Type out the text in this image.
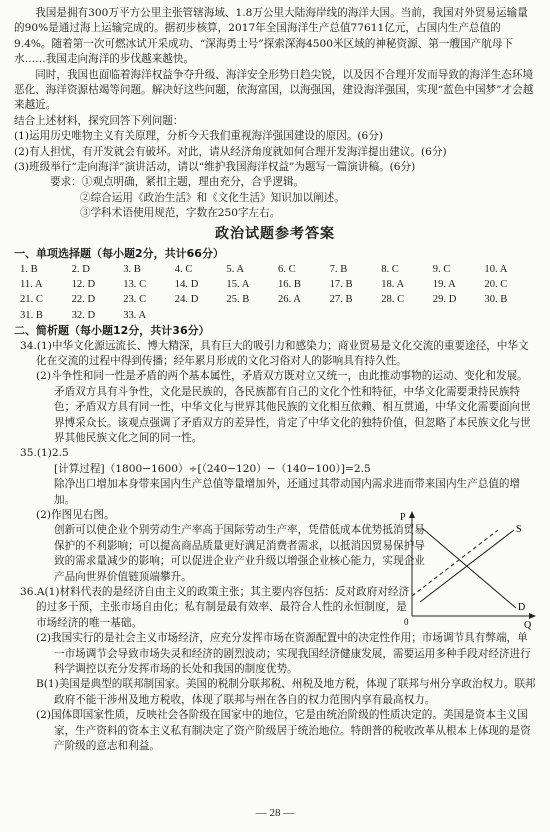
我国是拥有300万平方公里主张管辖海域、1.8万公里大陆海岸线的海洋大国。当前，我国对外贸易运输量的90%是通过海上运输完成的。据初步核算，2017年全国海洋生产总值77611亿元，占国内生产总值的9.4%。随着第一次可燃冰试开采成功、“深海勇士号”探索深海4500米区域的神秘资源、第一艘国产航母下水……我国走向海洋的步伐越来越快。

同时，我国也面临着海洋权益争夺升级、海洋安全形势日趋尖锐，以及因不合理开发而导致的海洋生态环境恶化、海洋资源枯竭等问题。解决好这些问题，依海富国，以海强国，建设海洋强国，实现“蓝色中国梦”才会越来越近。

结合上述材料，探究回答下列问题：

(1)运用历史唯物主义有关原理，分析今天我们重视海洋强国建设的原因。(6分)

(2)有人担忧，有开发就会有破坏。对此，请从经济角度就如何合理开发海洋提出建议。(6分)

(3)班级举行“走向海洋”演讲活动，请以“维护我国海洋权益”为题写一篇演讲稿。(6分)

要求：①观点明确，紧扣主题，理由充分，合乎逻辑。

②综合运用《政治生活》和《文化生活》知识加以阐述。

③学科术语使用规范，字数在250字左右。

政治试题参考答案

一、单项选择题（每小题2分，共计66分）

1. B	2. D	3. B	4. C	5. A	6. C	7. B	8. C	9. C	10. A
11. A	12. D	13. C	14. D	15. A	16. B	17. B	18. A	19. A	20. C
21. C	22. D	23. C	24. D	25. B	26. A	27. B	28. C	29. D	30. B
31. B	32. D	33. A

二、简析题（每小题12分，共计36分）

34.(1)中华文化源远流长、博大精深，具有巨大的吸引力和感染力；商业贸易是文化交流的重要途径，中华文化在交流的过程中得到传播；经年累月形成的文化习俗对人的影响具有持久性。

(2)斗争性和同一性是矛盾的两个基本属性，矛盾双方既对立又统一，由此推动事物的运动、变化和发展。矛盾双方具有斗争性，文化是民族的，各民族都有自己的文化个性和特征，中华文化需要秉持民族特色；矛盾双方具有同一性，中华文化与世界其他民族的文化相互依赖、相互贯通，中华文化需要面向世界博采众长。该观点强调了矛盾双方的差异性，肯定了中华文化的独特价值，但忽略了本民族文化与世界其他民族文化之间的同一性。

35.(1)2.5

[计算过程]（1800−1600）÷[（240−120）−（140−100）]=2.5

除净出口增加本身带来国内生产总值等量增加外，还通过其带动国内需求进而带来国内生产总值的增加。

(2)作图见右图。

创新可以使企业个别劳动生产率高于国际劳动生产率，凭借低成本优势抵消贸易保护的不利影响；可以提高商品质量更好满足消费者需求，以抵消因贸易保护导致的需求量减少的影响；可以促进企业产业升级以增强企业核心能力，实现企业产品向世界价值链顶端攀升。

36.A(1)材料代表的是经济自由主义的政策主张；其主要内容包括：反对政府对经济的过多干预，主张市场自由化；私有制是最有效率、最符合人性的永恒制度，是市场经济的唯一基础。

(2)我国实行的是社会主义市场经济，应充分发挥市场在资源配置中的决定性作用；市场调节具有弊端，单一市场调节会导致市场失灵和经济的剧烈波动；实现我国经济健康发展，需要运用多种手段对经济进行科学调控以充分发挥市场的长处和我国的制度优势。

B(1)美国是典型的联邦制国家。美国的税制分联邦税、州税及地方税，体现了联邦与州分享政治权力。联邦政府不能干涉州及地方税收，体现了联邦与州在各自的权力范围内享有最高权力。

(2)国体即国家性质，反映社会各阶级在国家中的地位，它是由统治阶级的性质决定的。美国是资本主义国家，生产资料的资本主义私有制决定了资产阶级居于统治地位。特朗普的税收改革从根本上体现的是资产阶级的意志和利益。

P
Q
0
S
D
— 28 —
